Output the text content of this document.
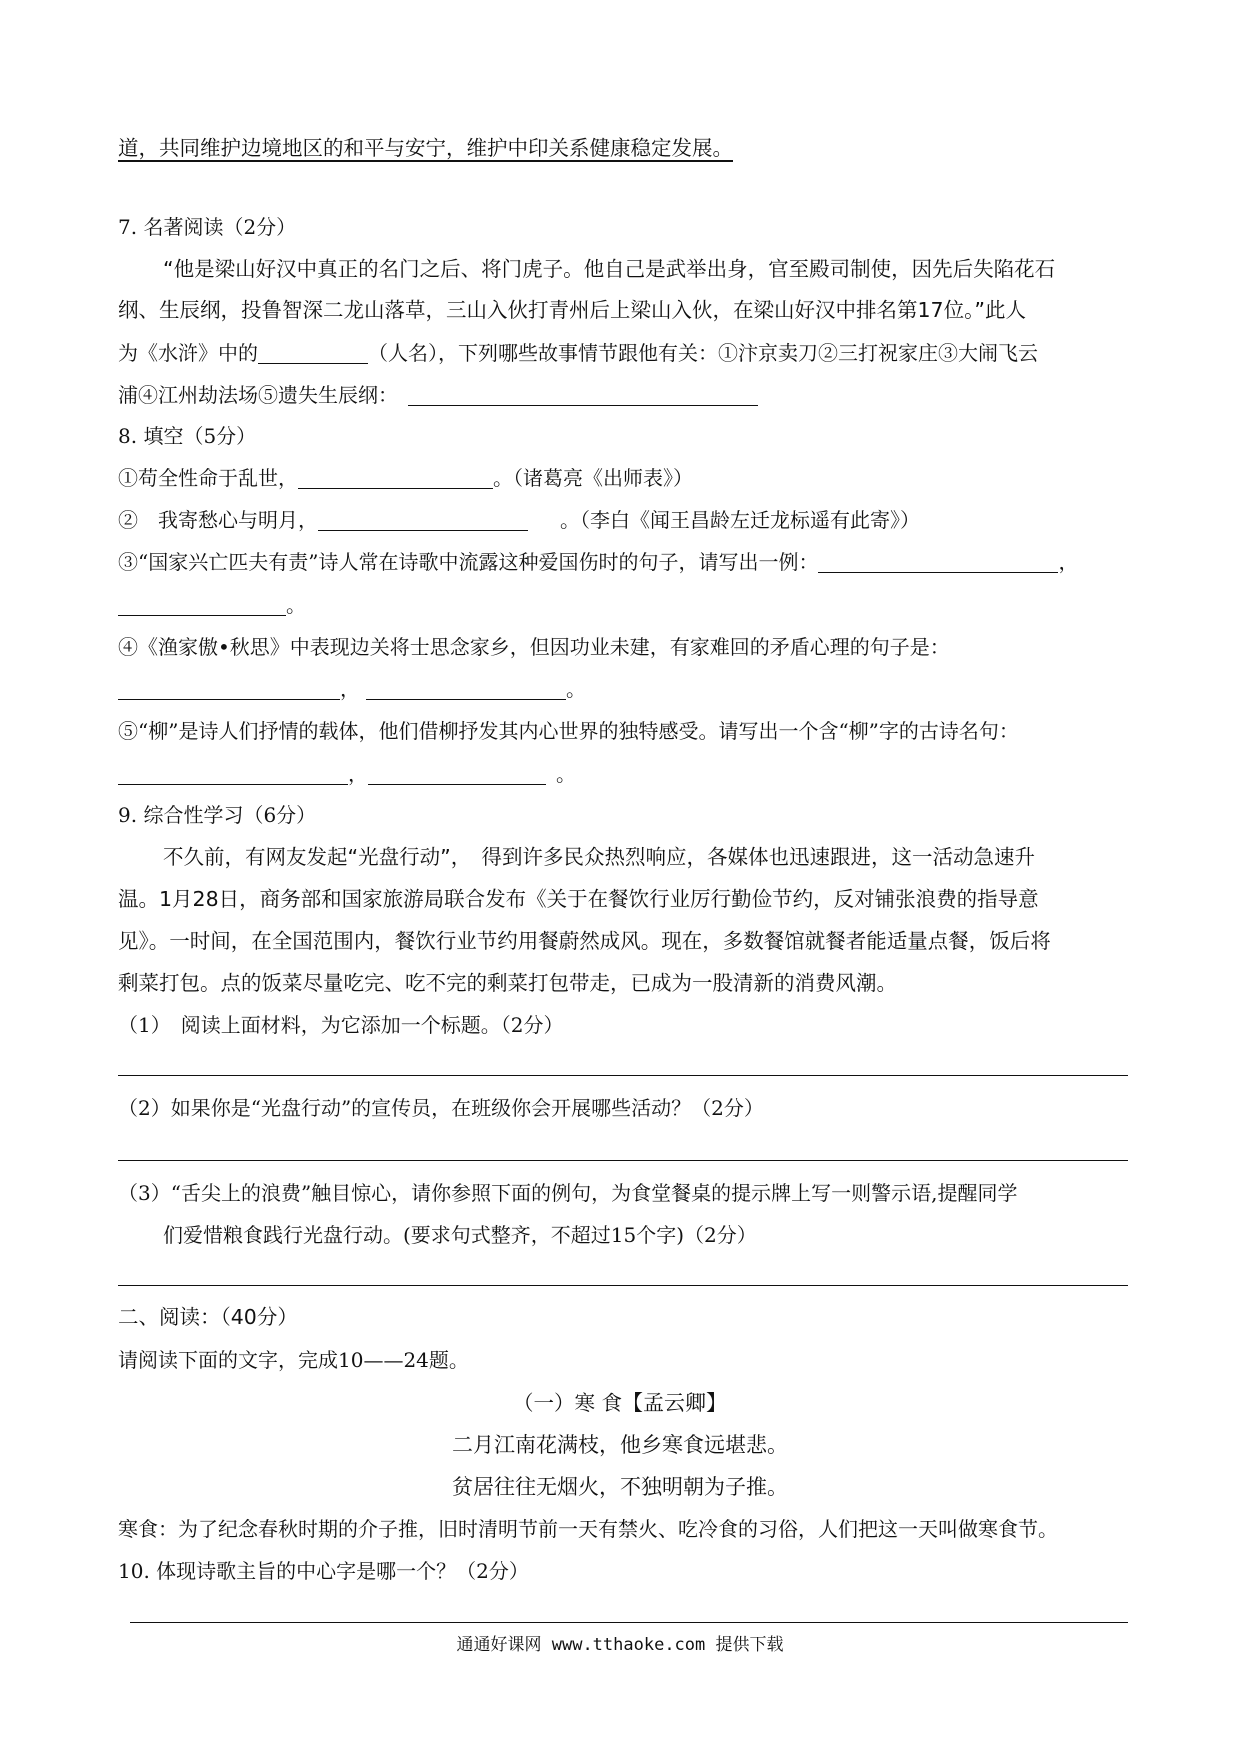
道，共同维护边境地区的和平与安宁，维护中印关系健康稳定发展。
7. 名著阅读（2分）
“他是梁山好汉中真正的名门之后、将门虎子。他自己是武举出身，官至殿司制使，因先后失陷花石
纲、生辰纲，投鲁智深二龙山落草，三山入伙打青州后上梁山入伙，在梁山好汉中排名第17位。”此人
为《水浒》中的	（人名），下列哪些故事情节跟他有关：①汴京卖刀②三打祝家庄③大闹飞云
浦④江州劫法场⑤遗失生辰纲：
8. 填空（5分）
①苟全性命于乱世，	。（诸葛亮《出师表》）
②　我寄愁心与明月，	。（李白《闻王昌龄左迁龙标遥有此寄》）
③“国家兴亡匹夫有责”诗人常在诗歌中流露这种爱国伤时的句子，请写出一例：	，
。
④《渔家傲•秋思》中表现边关将士思念家乡，但因功业未建，有家难回的矛盾心理的句子是：
，	。
⑤“柳”是诗人们抒情的载体，他们借柳抒发其内心世界的独特感受。请写出一个含“柳”字的古诗名句：
，	。
9. 综合性学习（6分）
不久前，有网友发起“光盘行动”，　得到许多民众热烈响应，各媒体也迅速跟进，这一活动急速升
温。1月28日，商务部和国家旅游局联合发布《关于在餐饮行业厉行勤俭节约，反对铺张浪费的指导意
见》。一时间，在全国范围内，餐饮行业节约用餐蔚然成风。现在，多数餐馆就餐者能适量点餐，饭后将
剩菜打包。点的饭菜尽量吃完、吃不完的剩菜打包带走，已成为一股清新的消费风潮。
（1）　阅读上面材料，为它添加一个标题。（2分）
（2）如果你是“光盘行动”的宣传员，在班级你会开展哪些活动？（2分）
（3）“舌尖上的浪费”触目惊心，请你参照下面的例句，为食堂餐桌的提示牌上写一则警示语,提醒同学
们爱惜粮食践行光盘行动。(要求句式整齐，不超过15个字)（2分）
二、阅读：（40分）
请阅读下面的文字，完成10——24题。
（一）寒 食【孟云卿】
二月江南花满枝，他乡寒食远堪悲。
贫居往往无烟火，不独明朝为子推。
寒食：为了纪念春秋时期的介子推，旧时清明节前一天有禁火、吃冷食的习俗，人们把这一天叫做寒食节。
10. 体现诗歌主旨的中心字是哪一个？（2分）
通通好课网 www.tthaoke.com 提供下载
